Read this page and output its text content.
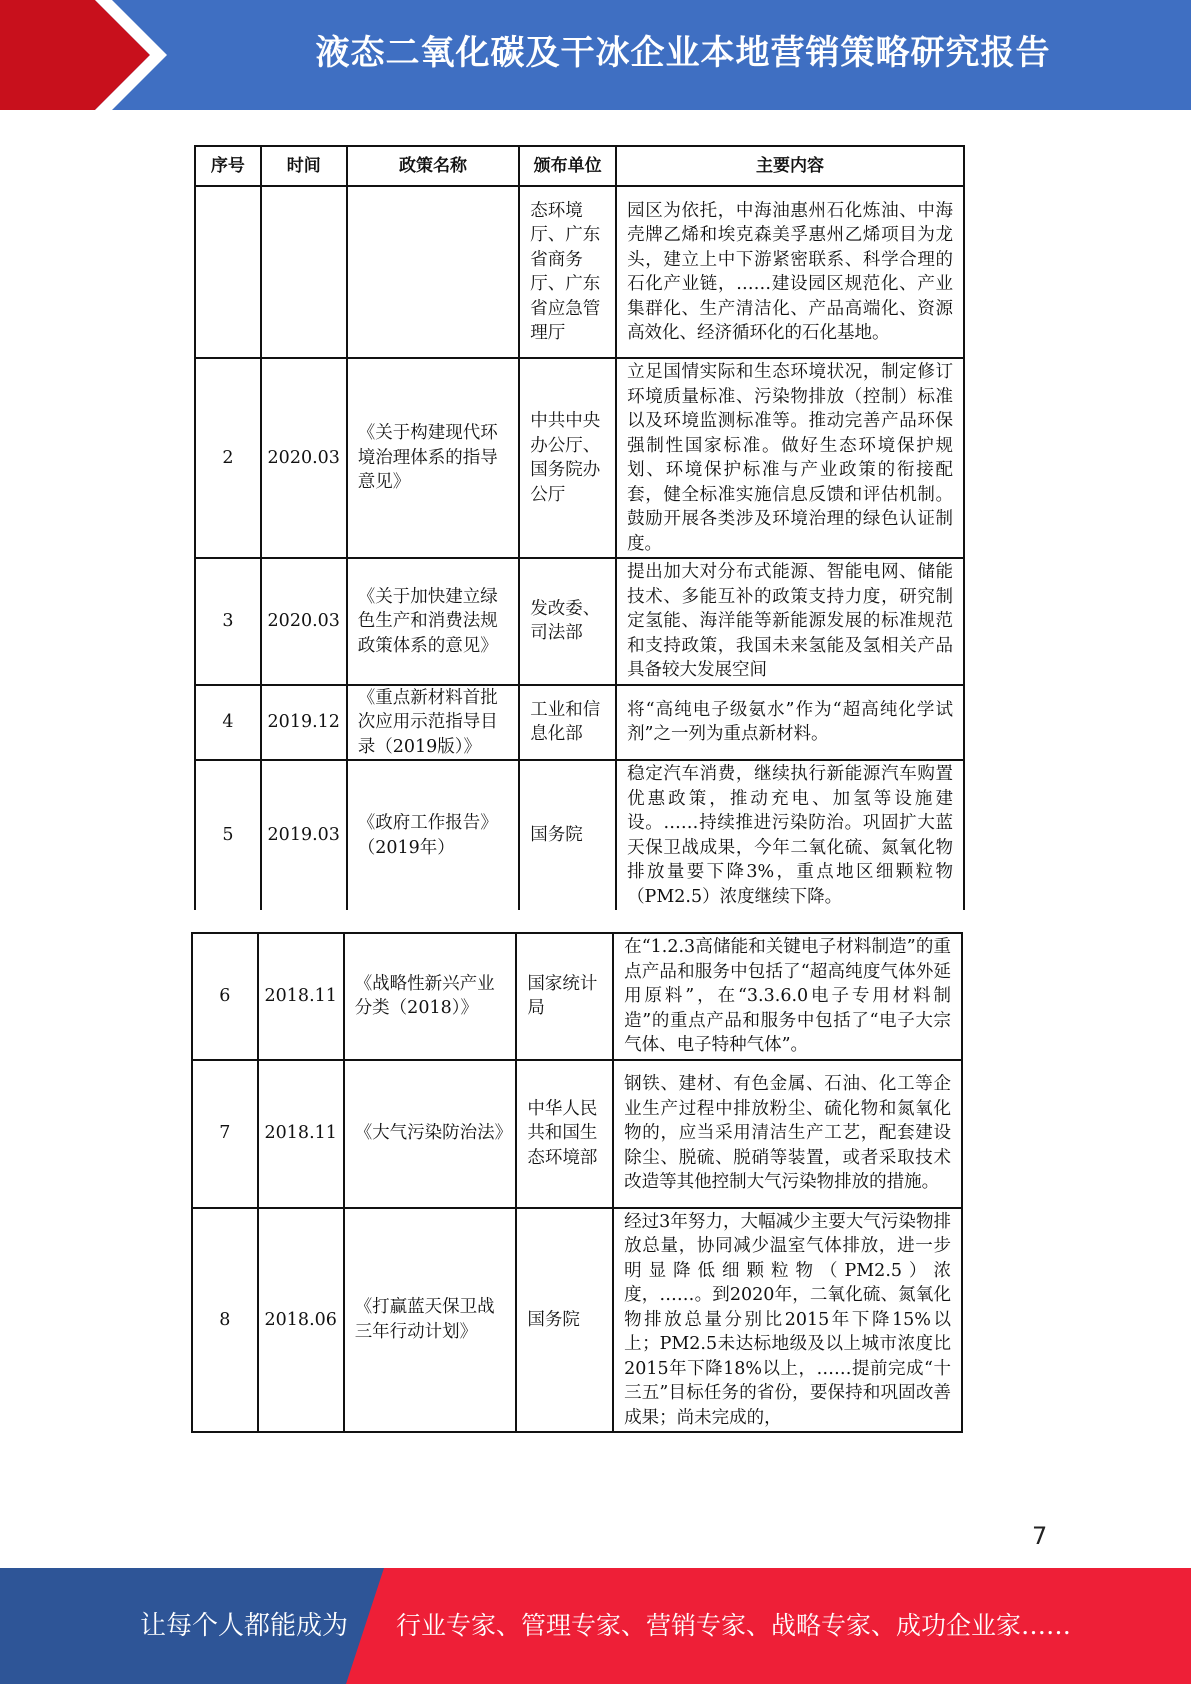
液态二氧化碳及干冰企业本地营销策略研究报告
序号	时间	政策名称	颁布单位	主要内容
			态环境厅、广东省商务厅、广东省应急管理厅	园区为依托，中海油惠州石化炼油、中海壳牌乙烯和埃克森美孚惠州乙烯项目为龙头，建立上中下游紧密联系、科学合理的石化产业链，……建设园区规范化、产业集群化、生产清洁化、产品高端化、资源高效化、经济循环化的石化基地。
2	2020.03	《关于构建现代环境治理体系的指导意见》	中共中央办公厅、国务院办公厅	立足国情实际和生态环境状况，制定修订环境质量标准、污染物排放（控制）标准以及环境监测标准等。推动完善产品环保强制性国家标准。做好生态环境保护规划、环境保护标准与产业政策的衔接配套，健全标准实施信息反馈和评估机制。鼓励开展各类涉及环境治理的绿色认证制度。
3	2020.03	《关于加快建立绿色生产和消费法规政策体系的意见》	发改委、司法部	提出加大对分布式能源、智能电网、储能技术、多能互补的政策支持力度，研究制定氢能、海洋能等新能源发展的标准规范和支持政策，我国未来氢能及氢相关产品具备较大发展空间
4	2019.12	《重点新材料首批次应用示范指导目录（2019版）》	工业和信息化部	将“高纯电子级氨水”作为“超高纯化学试剂”之一列为重点新材料。
5	2019.03	《政府工作报告》（2019年）	国务院	稳定汽车消费，继续执行新能源汽车购置优惠政策，推动充电、加氢等设施建设。……持续推进污染防治。巩固扩大蓝天保卫战成果，今年二氧化硫、氮氧化物排放量要下降3%，重点地区细颗粒物（PM2.5）浓度继续下降。
6	2018.11	《战略性新兴产业分类（2018）》	国家统计局	在“1.2.3高储能和关键电子材料制造”的重点产品和服务中包括了“超高纯度气体外延用原料”，在“3.3.6.0电子专用材料制造”的重点产品和服务中包括了“电子大宗气体、电子特种气体”。
7	2018.11	《大气污染防治法》	中华人民共和国生态环境部	钢铁、建材、有色金属、石油、化工等企业生产过程中排放粉尘、硫化物和氮氧化物的，应当采用清洁生产工艺，配套建设除尘、脱硫、脱硝等装置，或者采取技术改造等其他控制大气污染物排放的措施。
8	2018.06	《打赢蓝天保卫战三年行动计划》	国务院	经过3年努力，大幅减少主要大气污染物排放总量，协同减少温室气体排放，进一步明显降低细颗粒物（PM2.5）浓度，……。到2020年，二氧化硫、氮氧化物排放总量分别比2015年下降15%以上；PM2.5未达标地级及以上城市浓度比2015年下降18%以上，……提前完成“十三五”目标任务的省份，要保持和巩固改善成果；尚未完成的，
7
让每个人都能成为 行业专家、管理专家、营销专家、战略专家、成功企业家……
